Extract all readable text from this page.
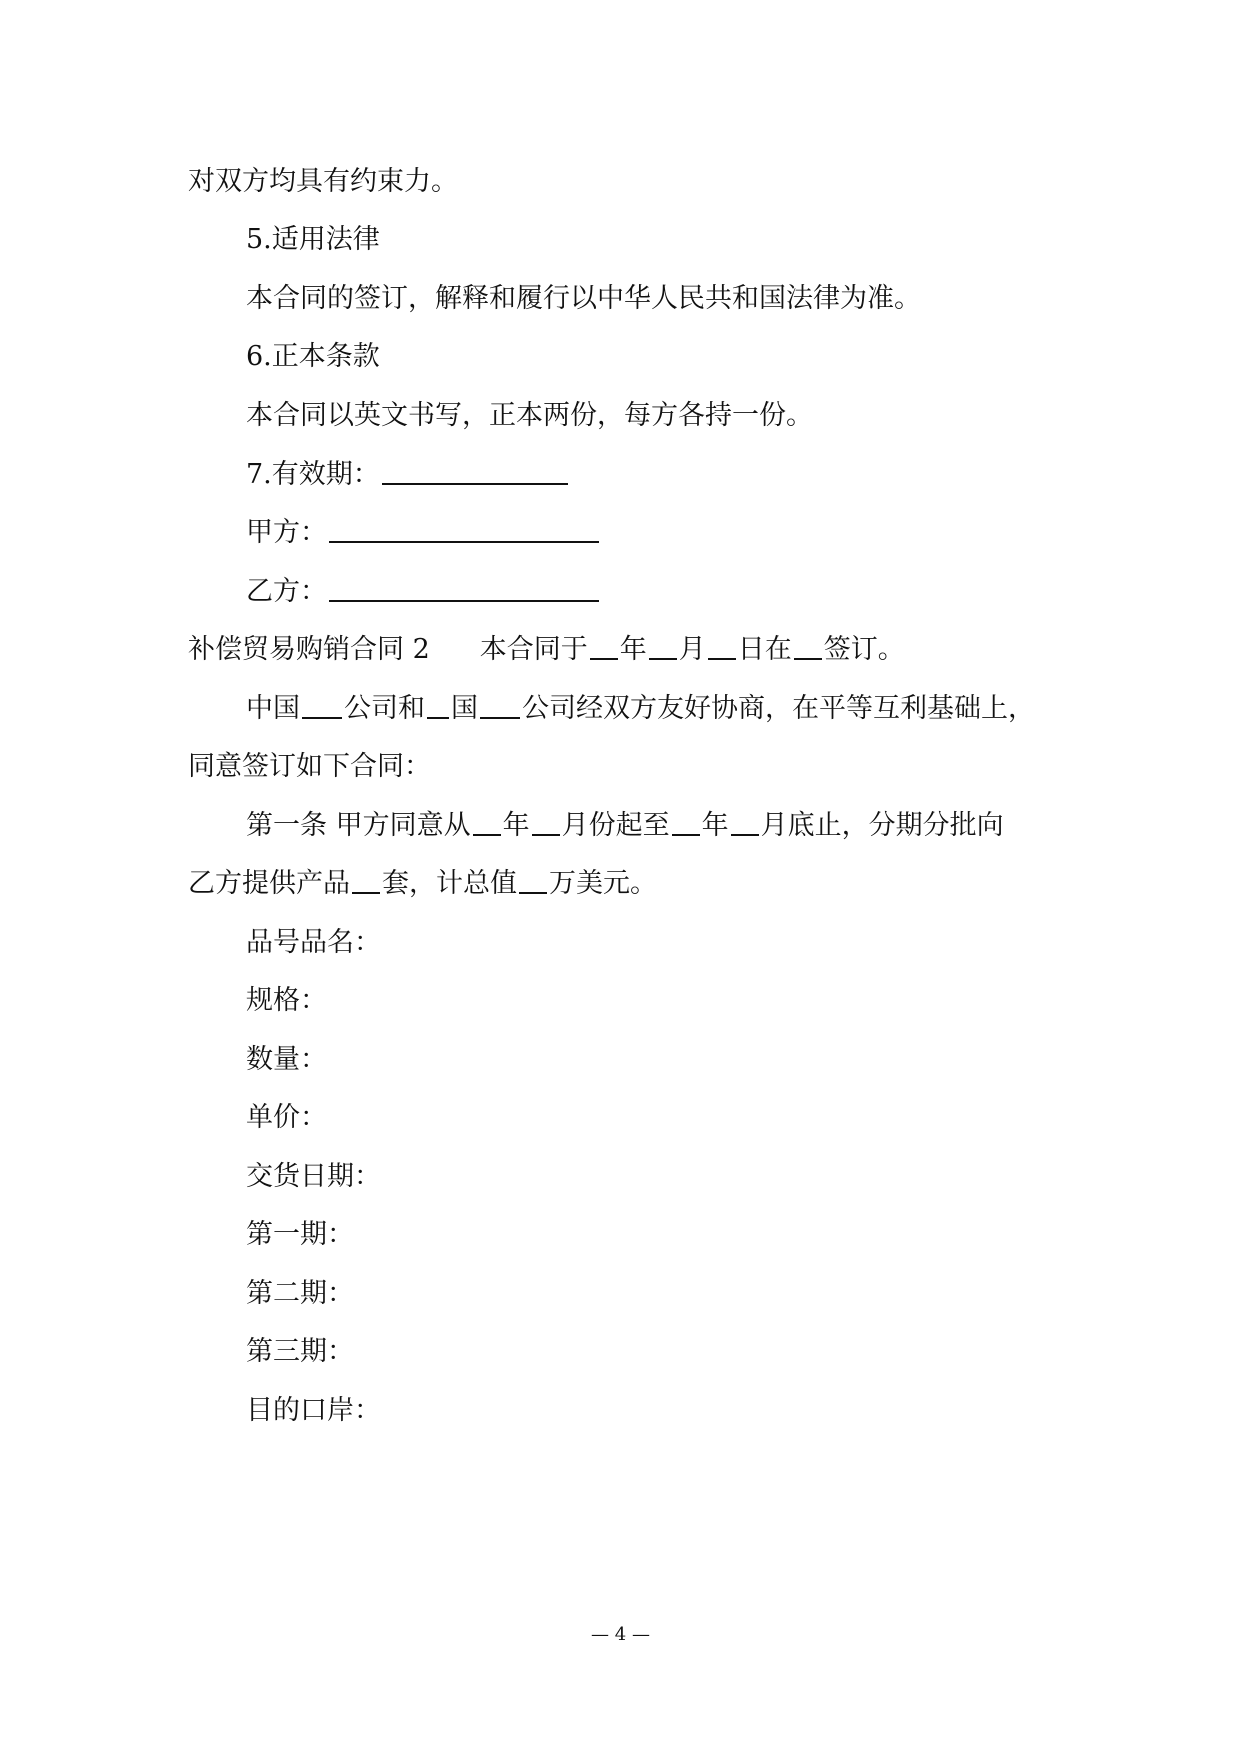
对双方均具有约束力。
5.适用法律
本合同的签订，解释和履行以中华人民共和国法律为准。
6.正本条款
本合同以英文书写，正本两份，每方各持一份。
7.有效期：
甲方：
乙方：
补偿贸易购销合同 2 本合同于 年 月 日在 签订。
中国 公司和 国 公司经双方友好协商，在平等互利基础上，
同意签订如下合同：
第一条 甲方同意从 年 月份起至 年 月底止，分期分批向
乙方提供产品 套，计总值 万美元。
品号品名：
规格：
数量：
单价：
交货日期：
第一期：
第二期：
第三期：
目的口岸：
— 4 —
